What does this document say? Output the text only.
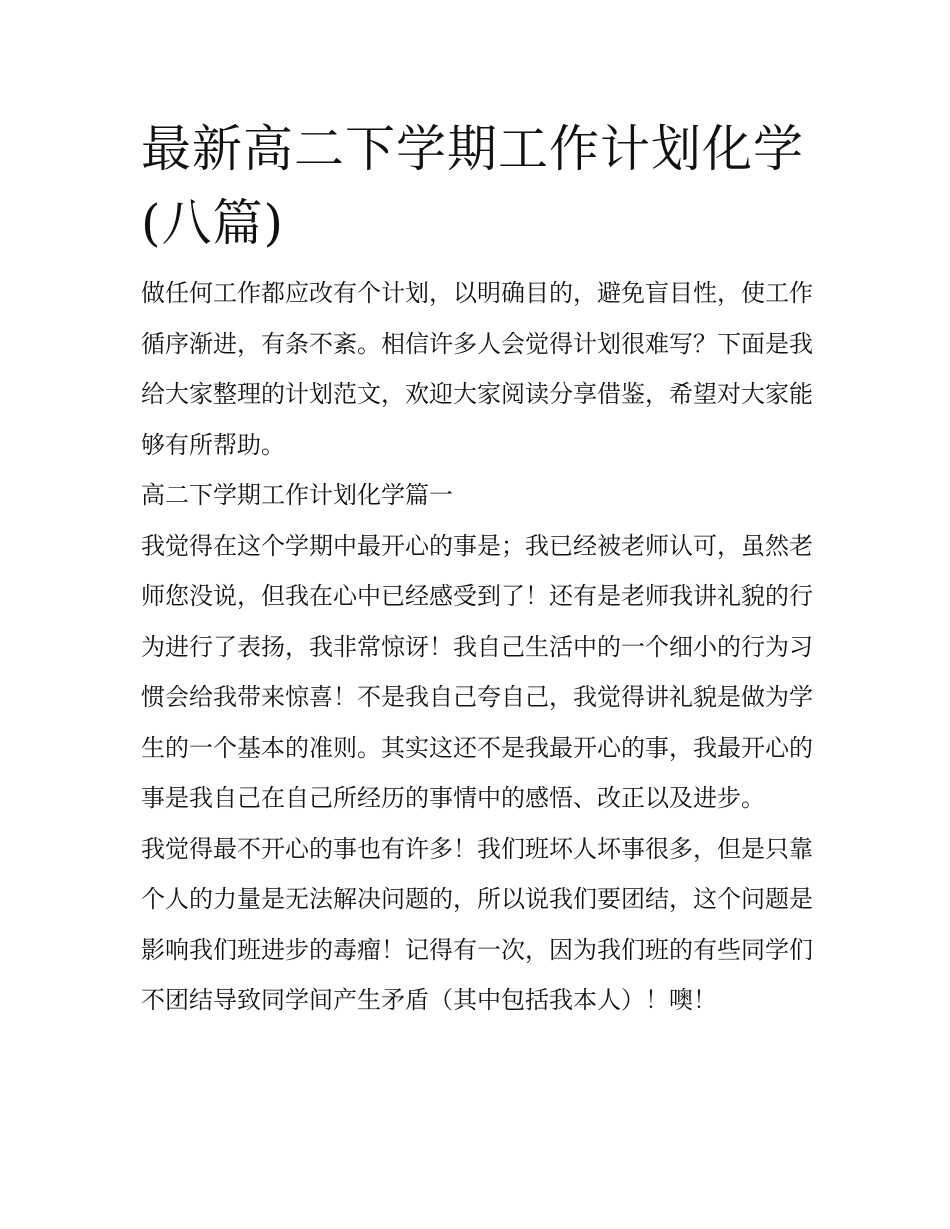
最新高二下学期工作计划化学(八篇)

做任何工作都应改有个计划，以明确目的，避免盲目性，使工作循序渐进，有条不紊。相信许多人会觉得计划很难写？下面是我给大家整理的计划范文，欢迎大家阅读分享借鉴，希望对大家能够有所帮助。

高二下学期工作计划化学篇一

我觉得在这个学期中最开心的事是；我已经被老师认可，虽然老师您没说，但我在心中已经感受到了！还有是老师我讲礼貌的行为进行了表扬，我非常惊讶！我自己生活中的一个细小的行为习惯会给我带来惊喜！不是我自己夸自己，我觉得讲礼貌是做为学生的一个基本的准则。其实这还不是我最开心的事，我最开心的事是我自己在自己所经历的事情中的感悟、改正以及进步。

我觉得最不开心的事也有许多！我们班坏人坏事很多，但是只靠个人的力量是无法解决问题的，所以说我们要团结，这个问题是影响我们班进步的毒瘤！记得有一次，因为我们班的有些同学们不团结导致同学间产生矛盾（其中包括我本人）！噢！
